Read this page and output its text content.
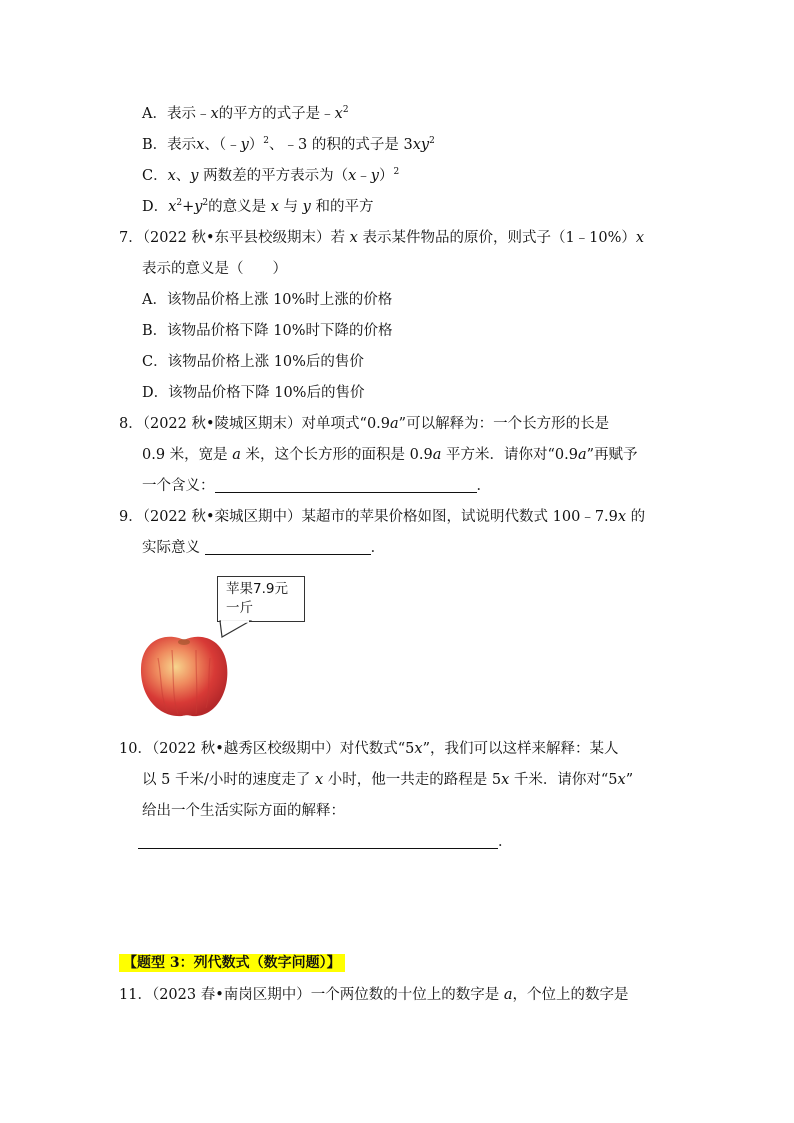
A．表示﹣x的平方的式子是$﹣x^2$
B．表示x、（﹣y）$^2$、﹣3 的积的式子是 $3xy^2$
C．x、y 两数差的平方表示为（x﹣y）$^2$
D．$x^2+y^2$的意义是 x 与 y 和的平方
7．（2022 秋•东平县校级期末）若 x 表示某件物品的原价，则式子（1﹣10%）x
表示的意义是（　　）
A．该物品价格上涨 10%时上涨的价格
B．该物品价格下降 10%时下降的价格
C．该物品价格上涨 10%后的售价
D．该物品价格下降 10%后的售价
8．（2022 秋•陵城区期末）对单项式“0.9a”可以解释为：一个长方形的长是
0.9 米，宽是 a 米，这个长方形的面积是 0.9a 平方米．请你对“0.9a”再赋予
一个含义：	．
9．（2022 秋•栾城区期中）某超市的苹果价格如图，试说明代数式 100﹣7.9x 的
实际意义	．
苹果7.9元
一斤
10．（2022 秋•越秀区校级期中）对代数式“5x”，我们可以这样来解释：某人
以 5 千米/小时的速度走了 x 小时，他一共走的路程是 5x 千米．请你对“5x”
给出一个生活实际方面的解释：
．
【题型 3：列代数式（数字问题）】
11．（2023 春•南岗区期中）一个两位数的十位上的数字是 a，个位上的数字是
